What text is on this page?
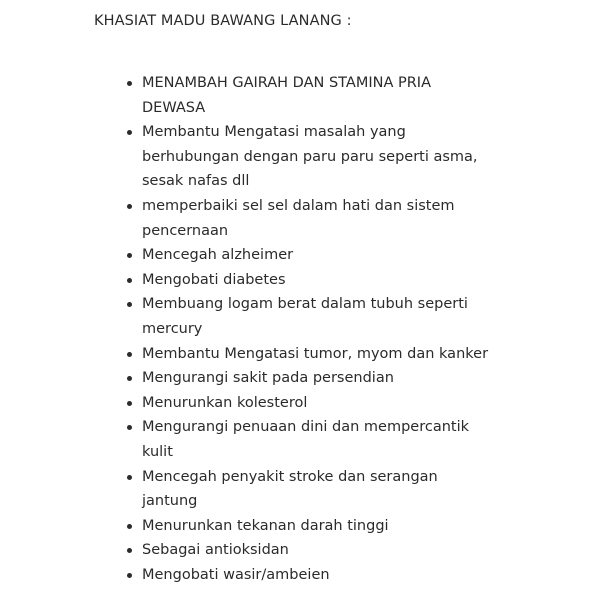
KHASIAT MADU BAWANG LANANG :
MENAMBAH GAIRAH DAN STAMINA PRIA DEWASA
Membantu Mengatasi masalah yang berhubungan dengan paru paru seperti asma, sesak nafas dll
memperbaiki sel sel dalam hati dan sistem pencernaan
Mencegah alzheimer
Mengobati diabetes
Membuang logam berat dalam tubuh seperti mercury
Membantu Mengatasi tumor, myom dan kanker
Mengurangi sakit pada persendian
Menurunkan kolesterol
Mengurangi penuaan dini dan mempercantik kulit
Mencegah penyakit stroke dan serangan jantung
Menurunkan tekanan darah tinggi
Sebagai antioksidan
Mengobati wasir/ambeien
